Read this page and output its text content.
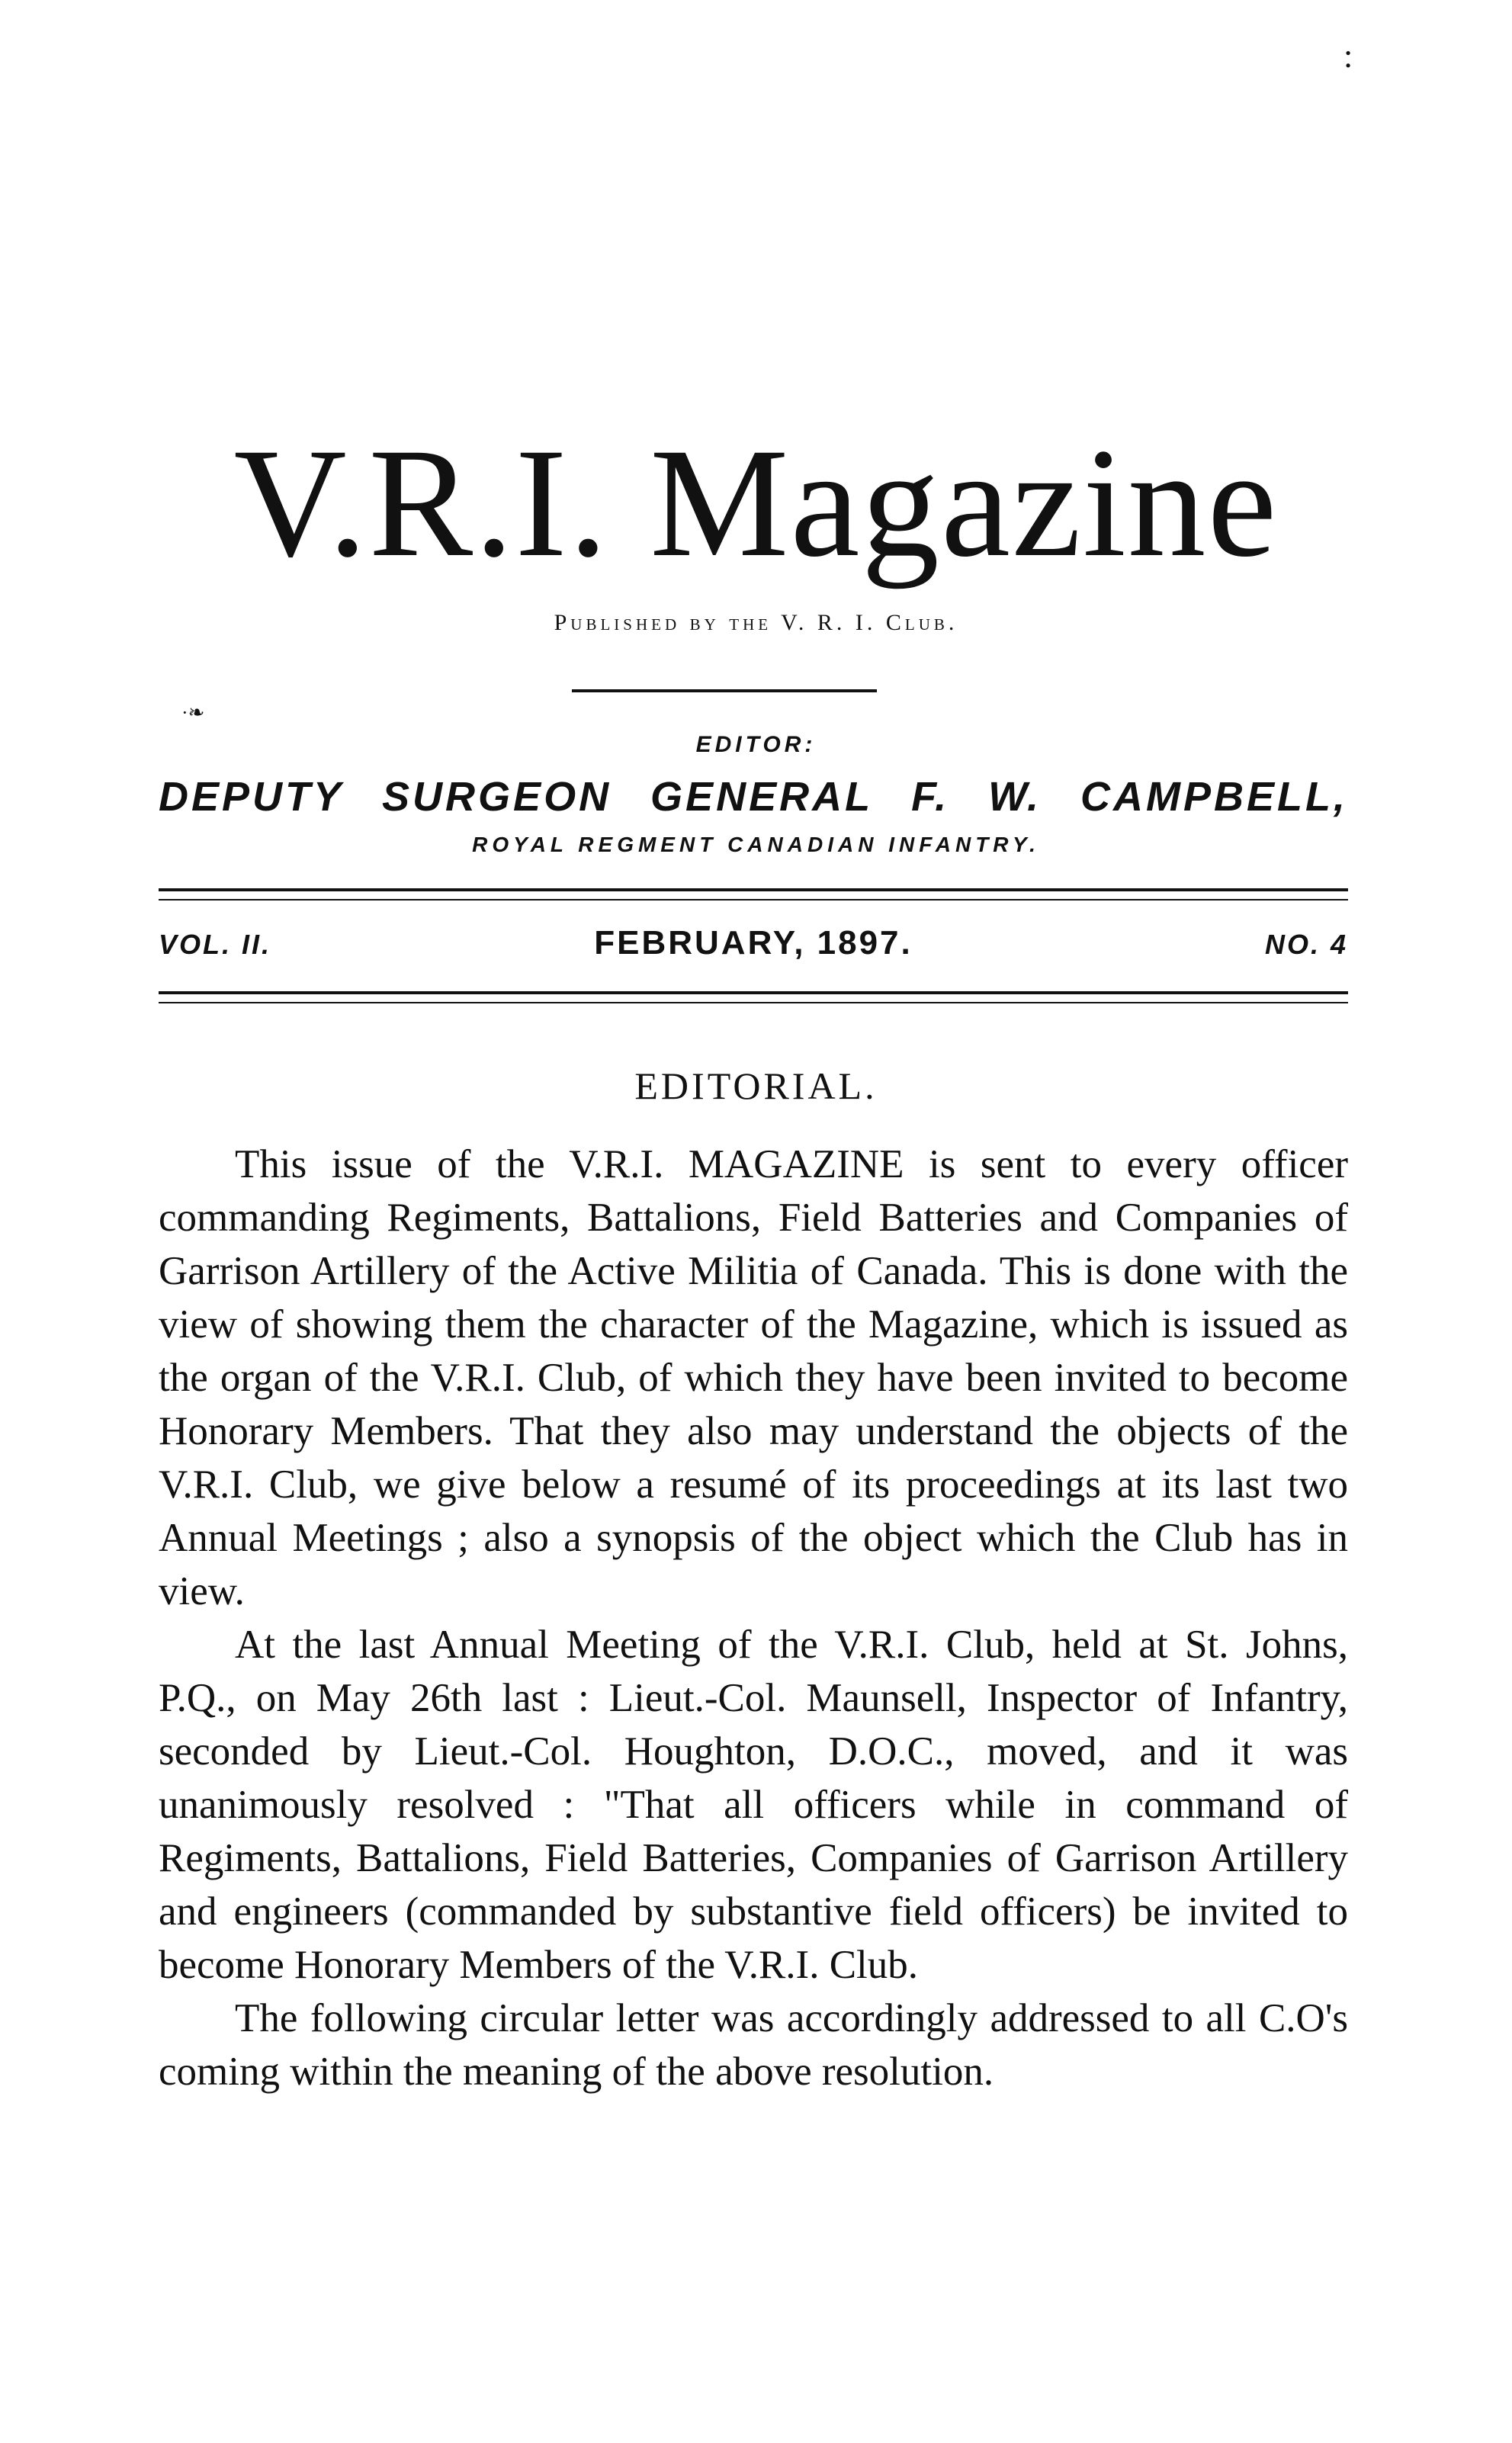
:
V.R.I. Magazine
Published by the V. R. I. Club.
·❧
EDITOR:
DEPUTY SURGEON GENERAL F. W. CAMPBELL,
ROYAL REGMENT CANADIAN INFANTRY.
VOL. II.	FEBRUARY, 1897.	NO. 4
EDITORIAL.

This issue of the V.R.I. MAGAZINE is sent to every officer commanding Regiments, Battalions, Field Batteries and Companies of Garrison Artillery of the Active Militia of Canada. This is done with the view of showing them the character of the Magazine, which is issued as the organ of the V.R.I. Club, of which they have been invited to become Honorary Members. That they also may understand the objects of the V.R.I. Club, we give below a resumé of its proceedings at its last two Annual Meetings ; also a synopsis of the object which the Club has in view.

At the last Annual Meeting of the V.R.I. Club, held at St. Johns, P.Q., on May 26th last : Lieut.-Col. Maunsell, Inspector of Infantry, seconded by Lieut.-Col. Houghton, D.O.C., moved, and it was unanimously resolved : "That all officers while in command of Regiments, Battalions, Field Batteries, Companies of Garrison Artillery and engineers (commanded by substantive field officers) be invited to become Honorary Members of the V.R.I. Club.

The following circular letter was accordingly addressed to all C.O's coming within the meaning of the above resolution.
